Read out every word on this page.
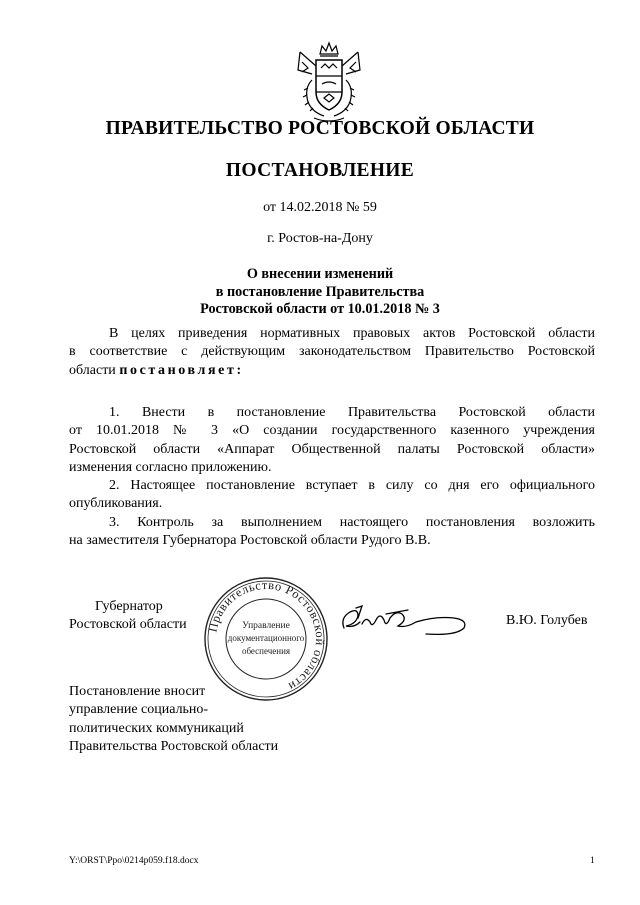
ПРАВИТЕЛЬСТВО РОСТОВСКОЙ ОБЛАСТИ
ПОСТАНОВЛЕНИЕ
от 14.02.2018 № 59
г. Ростов-на-Дону
О внесении изменений
в постановление Правительства
Ростовской области от 10.01.2018 № 3
В целях приведения нормативных правовых актов Ростовской области
в соответствие с действующим законодательством Правительство Ростовской
области постановляет:
1. Внести в постановление Правительства Ростовской области
от 10.01.2018 № 3 «О создании государственного казенного учреждения
Ростовской области «Аппарат Общественной палаты Ростовской области»
изменения согласно приложению.
2. Настоящее постановление вступает в силу со дня его официального
опубликования.
3. Контроль за выполнением настоящего постановления возложить
на заместителя Губернатора Ростовской области Рудого В.В.
Губернатор
Ростовской области Правительство Ростовской области
Управление
документационного
обеспечения
В.Ю. Голубев
Постановление вносит
управление социально-
политических коммуникаций
Правительства Ростовской области
Y:\ORST\Ppo\0214p059.f18.docx	1
